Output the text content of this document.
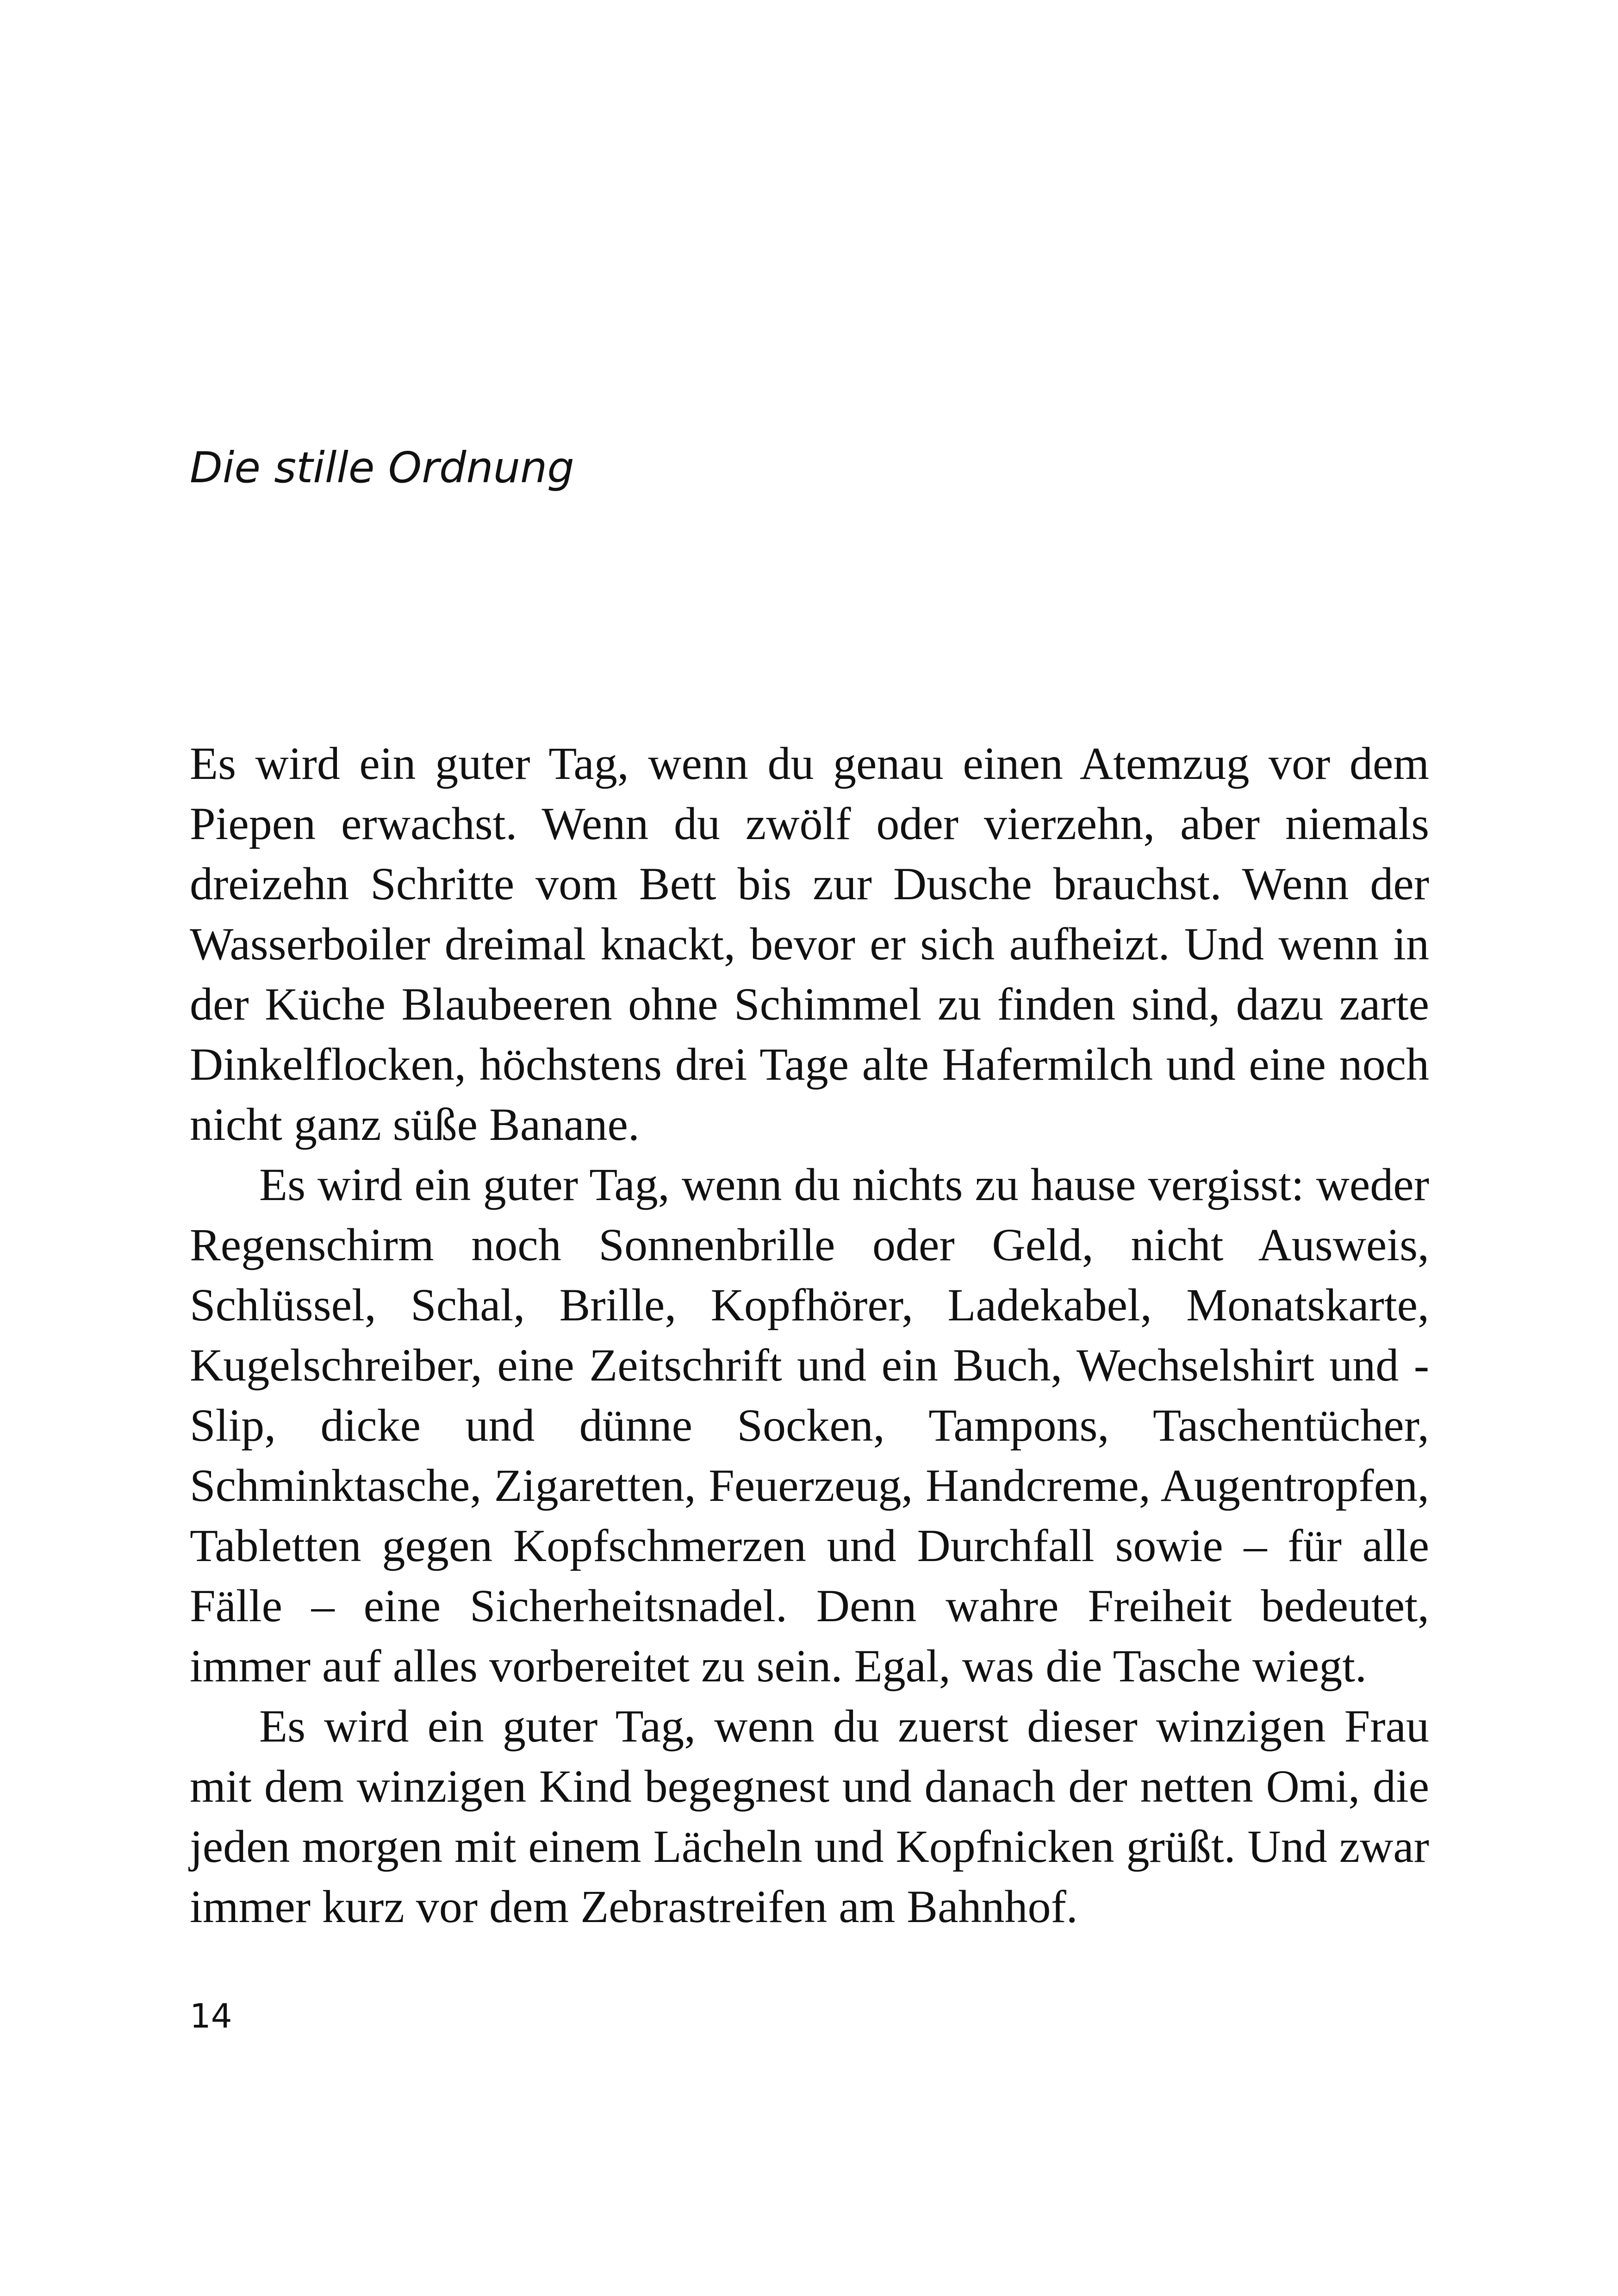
Die stille Ordnung

Es wird ein guter Tag, wenn du genau einen Atemzug vor dem Piepen erwachst. Wenn du zwölf oder vierzehn, aber niemals dreizehn Schritte vom Bett bis zur Dusche brauchst. Wenn der Wasserboiler dreimal knackt, bevor er sich aufheizt. Und wenn in der Küche Blaubeeren ohne Schimmel zu finden sind, dazu zarte Dinkelflocken, höchstens drei Tage alte Hafermilch und eine noch nicht ganz süße Banane.

Es wird ein guter Tag, wenn du nichts zu hause vergisst: weder Regenschirm noch Sonnenbrille oder Geld, nicht Ausweis, Schlüssel, Schal, Brille, Kopfhörer, Ladekabel, Monatskarte, Kugelschreiber, eine Zeitschrift und ein Buch, Wechselshirt und -Slip, dicke und dünne Socken, Tampons, Taschentücher, Schminktasche, Zigaretten, Feuerzeug, Handcreme, Augentropfen, Tabletten gegen Kopfschmerzen und Durchfall sowie – für alle Fälle – eine Sicherheitsnadel. Denn wahre Freiheit bedeutet, immer auf alles vorbereitet zu sein. Egal, was die Tasche wiegt.

Es wird ein guter Tag, wenn du zuerst dieser winzigen Frau mit dem winzigen Kind begegnest und danach der netten Omi, die jeden morgen mit einem Lächeln und Kopfnicken grüßt. Und zwar immer kurz vor dem Zebrastreifen am Bahnhof.

14
